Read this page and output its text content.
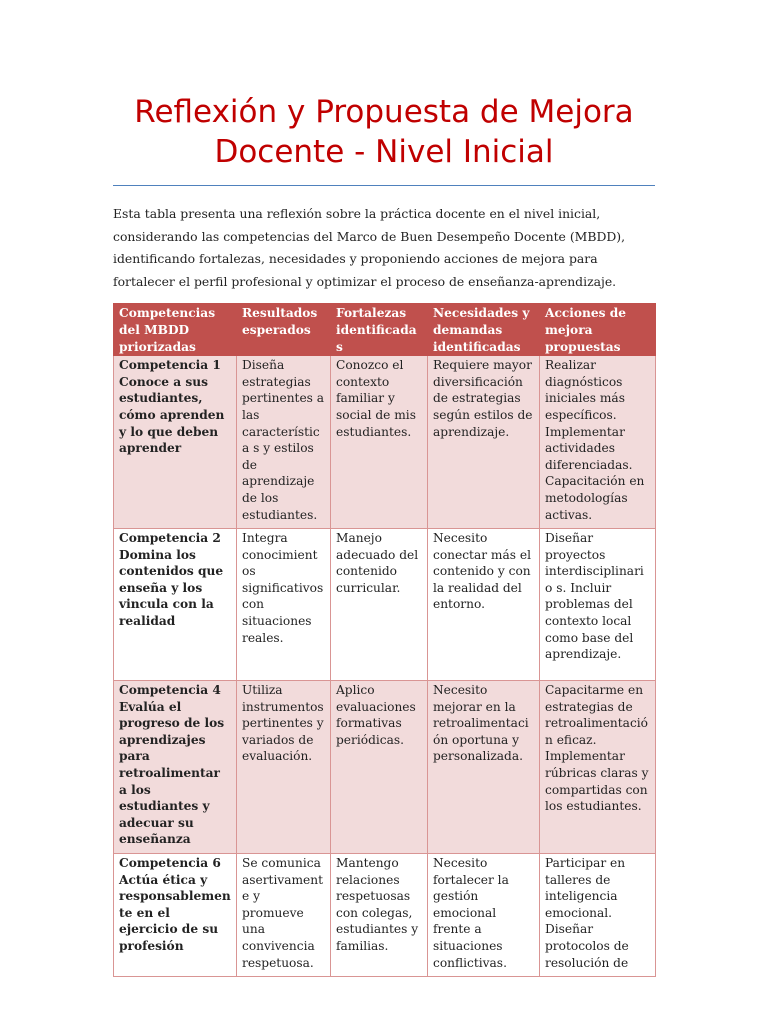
Reflexión y Propuesta de Mejora
Docente - Nivel Inicial

Esta tabla presenta una reflexión sobre la práctica docente en el nivel inicial, considerando las competencias del Marco de Buen Desempeño Docente (MBDD), identificando fortalezas, necesidades y proponiendo acciones de mejora para fortalecer el perfil profesional y optimizar el proceso de enseñanza-aprendizaje.

Competencias del MBDD priorizadas	Resultados esperados	Fortalezas identificadas	Necesidades y demandas identificadas	Acciones de mejora propuestas
Competencia 1 Conoce a sus estudiantes, cómo aprenden y lo que deben aprender	Diseña estrategias pertinentes a las característica s y estilos de aprendizaje de los estudiantes.	Conozco el contexto familiar y social de mis estudiantes.	Requiere mayor diversificación de estrategias según estilos de aprendizaje.	Realizar diagnósticos iniciales más específicos. Implementar actividades diferenciadas. Capacitación en metodologías activas.
Competencia 2 Domina los contenidos que enseña y los vincula con la realidad	Integra conocimient os significativos con situaciones reales.	Manejo adecuado del contenido curricular.	Necesito conectar más el contenido y con la realidad del entorno.	Diseñar proyectos interdisciplinario s. Incluir problemas del contexto local como base del aprendizaje.
Competencia 4 Evalúa el progreso de los aprendizajes para retroalimentar a los estudiantes y adecuar su enseñanza	Utiliza instrumentos pertinentes y variados de evaluación.	Aplico evaluaciones formativas periódicas.	Necesito mejorar en la retroalimentaci ón oportuna y personalizada.	Capacitarme en estrategias de retroalimentació n eficaz. Implementar rúbricas claras y compartidas con los estudiantes.
Competencia 6 Actúa ética y responsablemen te en el ejercicio de su profesión	Se comunica asertivament e y promueve una convivencia respetuosa.	Mantengo relaciones respetuosas con colegas, estudiantes y familias.	Necesito fortalecer la gestión emocional frente a situaciones conflictivas.	Participar en talleres de inteligencia emocional. Diseñar protocolos de resolución de
